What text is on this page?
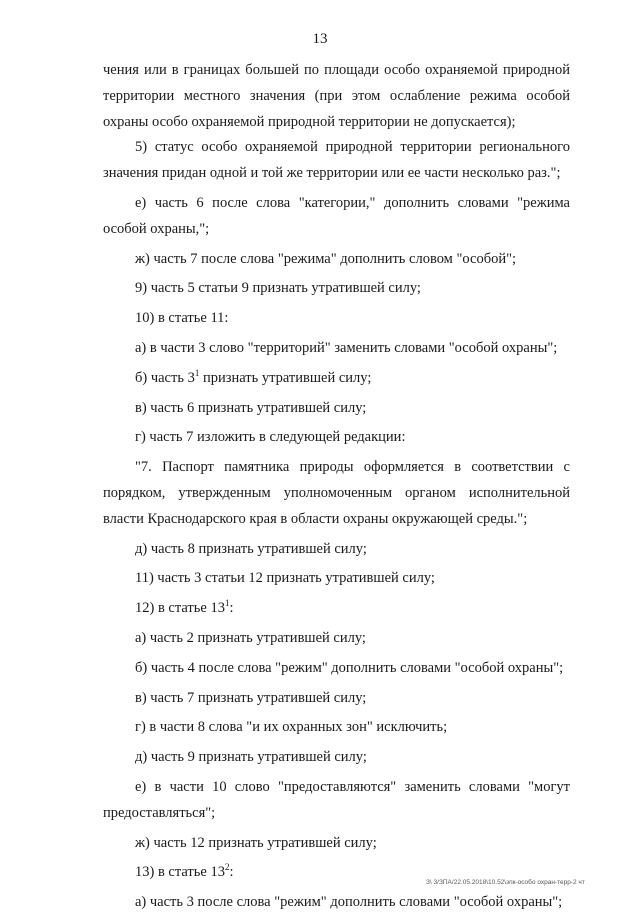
13

чения или в границах большей по площади особо охраняемой природной территории местного значения (при этом ослабление режима особой охраны особо охраняемой природной территории не допускается);

5) статус особо охраняемой природной территории регионального значения придан одной и той же территории или ее части несколько раз.";

е) часть 6 после слова "категории," дополнить словами "режима особой охраны,";

ж) часть 7 после слова "режима" дополнить словом "особой";

9) часть 5 статьи 9 признать утратившей силу;

10) в статье 11:

а) в части 3 слово "территорий" заменить словами "особой охраны";

б) часть $3^1$ признать утратившей силу;

в) часть 6 признать утратившей силу;

г) часть 7 изложить в следующей редакции:

"7. Паспорт памятника природы оформляется в соответствии с порядком, утвержденным уполномоченным органом исполнительной власти Краснодарского края в области охраны окружающей среды.";

д) часть 8 признать утратившей силу;

11) часть 3 статьи 12 признать утратившей силу;

12) в статье $13^1$:

а) часть 2 признать утратившей силу;

б) часть 4 после слова "режим" дополнить словами "особой охраны";

в) часть 7 признать утратившей силу;

г) в части 8 слова "и их охранных зон" исключить;

д) часть 9 признать утратившей силу;

е) в части 10 слово "предоставляются" заменить словами "могут предоставляться";

ж) часть 12 признать утратившей силу;

13) в статье $13^2$:

а) часть 3 после слова "режим" дополнить словами "особой охраны";

З\ 3/ЗПА/22.05.2018\10.52\зпк-особо охран-терр-2 чт
